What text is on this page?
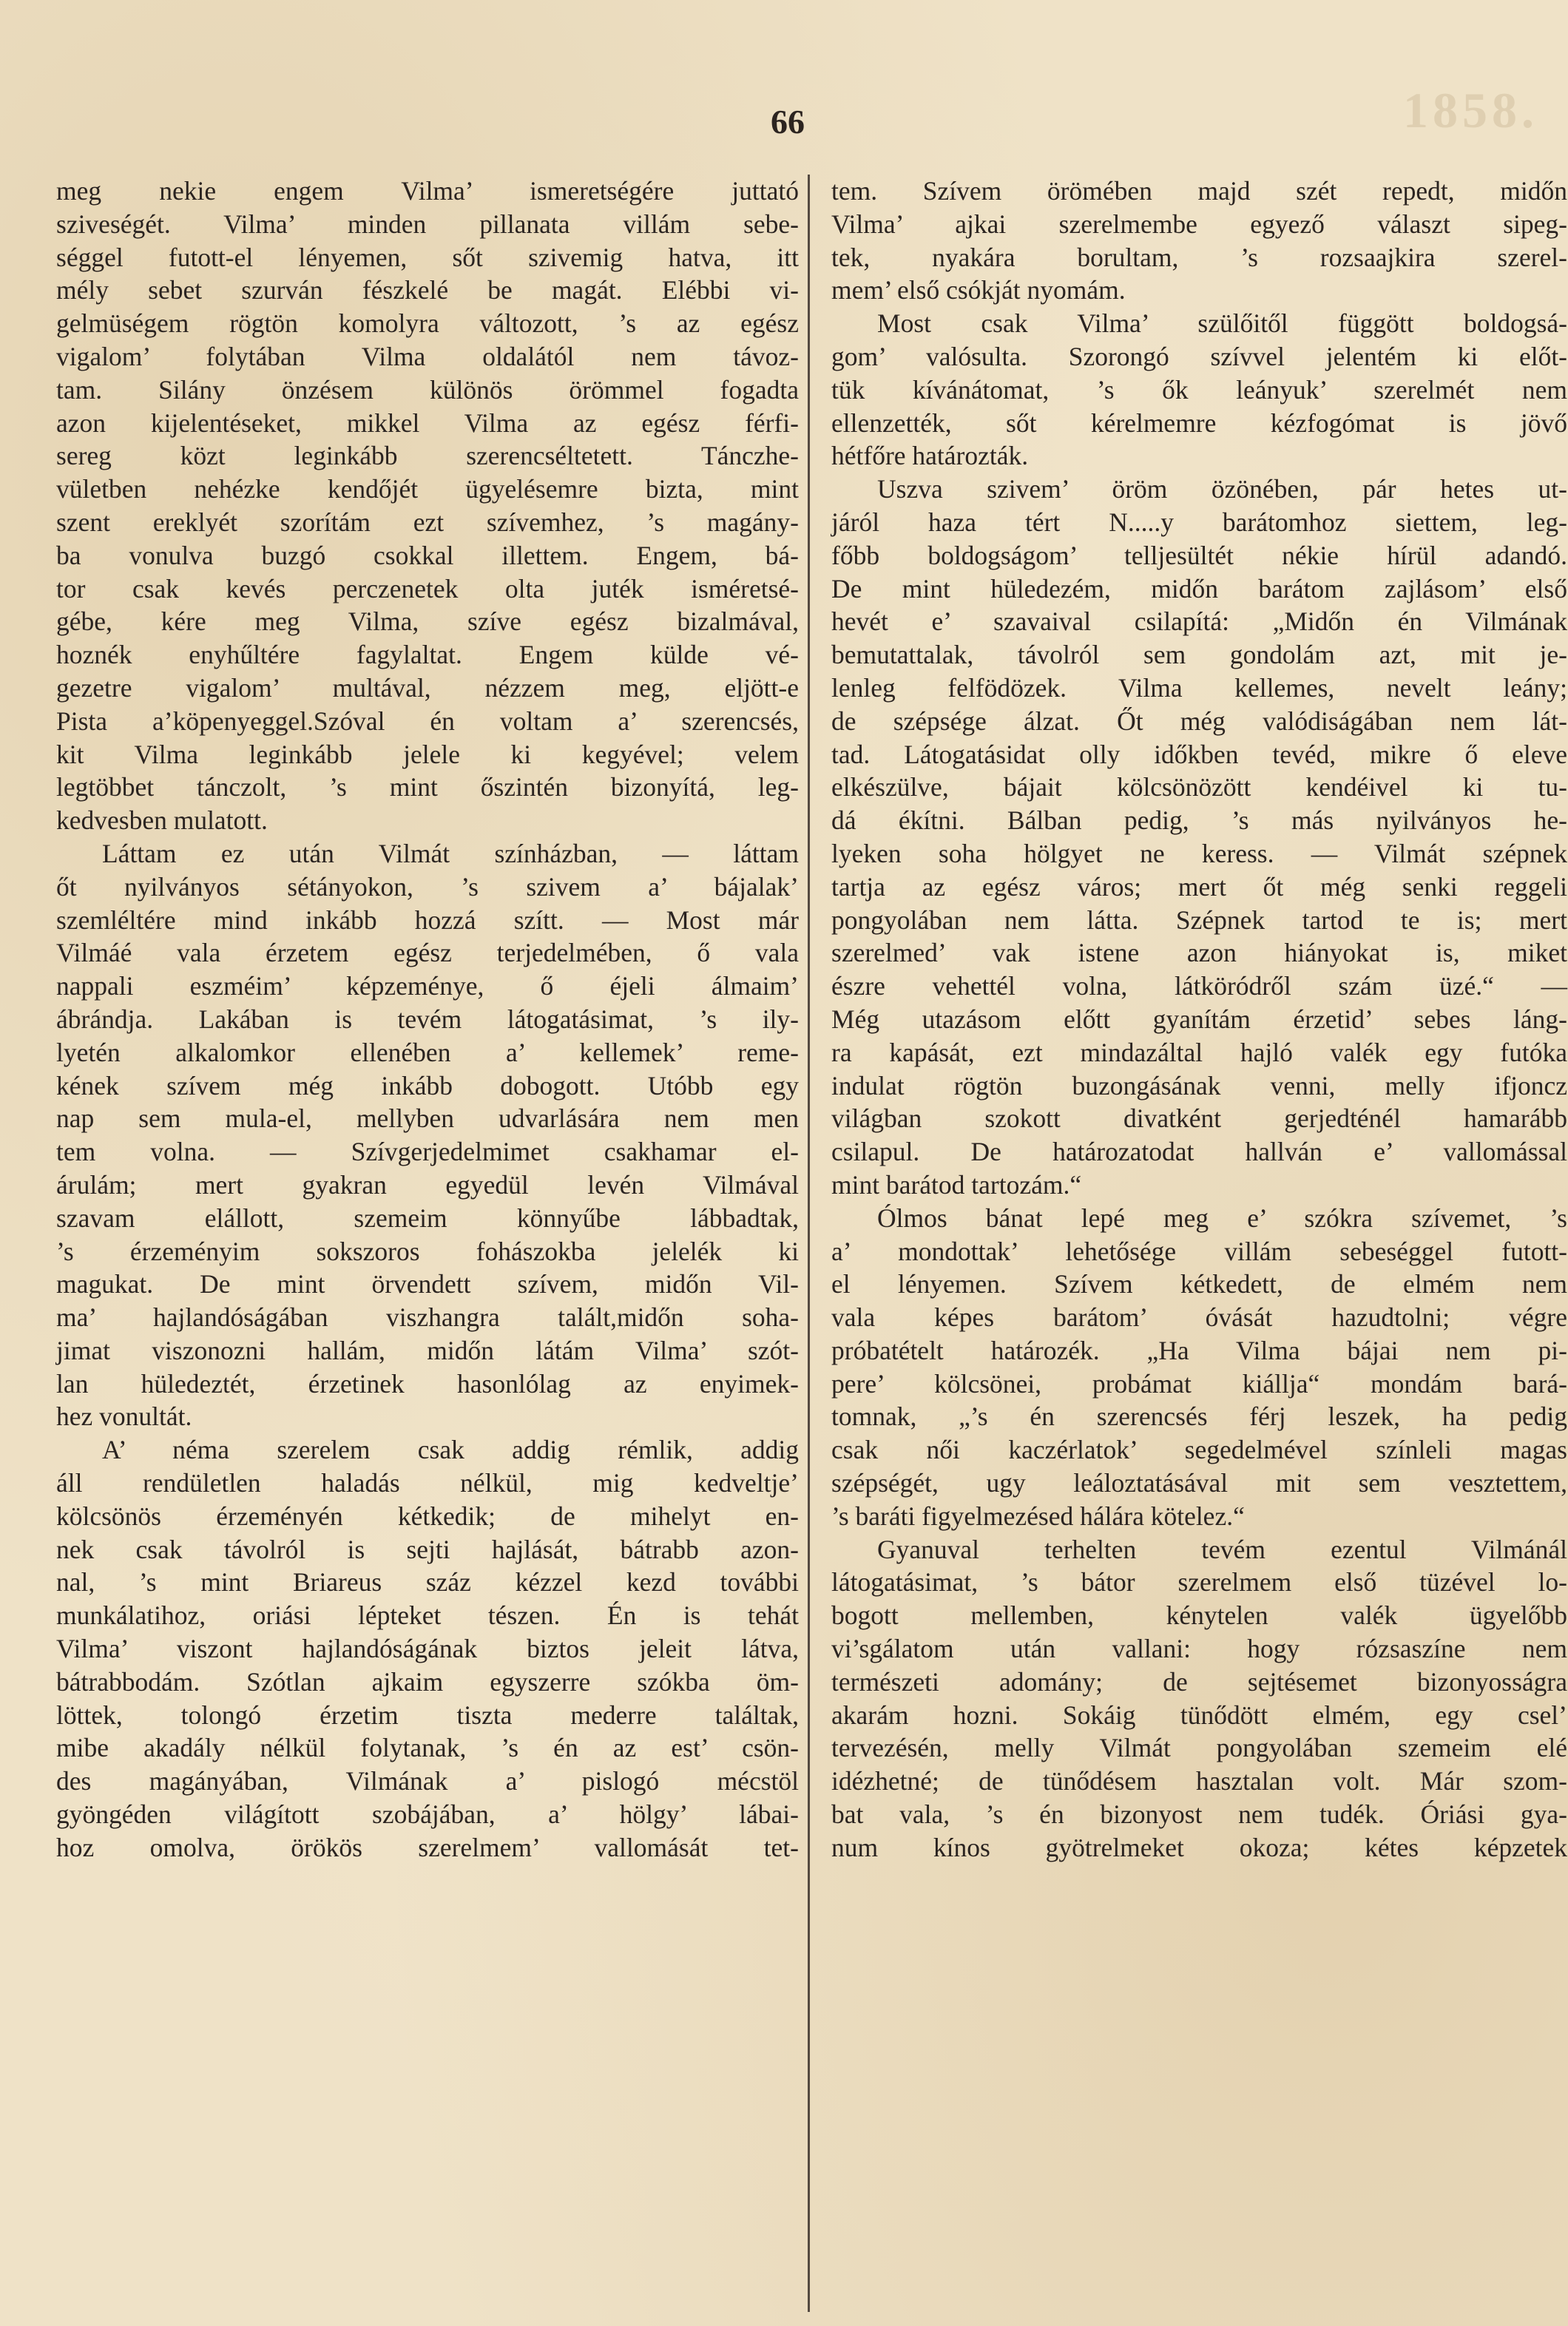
1858.
66
meg nekie engem Vilma’ ismeretségére juttató
sziveségét. Vilma’ minden pillanata villám sebe-
séggel futott-el lényemen, sőt szivemig hatva, itt
mély sebet szurván fészkelé be magát. Elébbi vi-
gelmüségem rögtön komolyra változott, ’s az egész
vigalom’ folytában Vilma oldalától nem távoz-
tam. Silány önzésem különös örömmel fogadta
azon kijelentéseket, mikkel Vilma az egész férfi-
sereg közt leginkább szerencséltetett. Tánczhe-
vületben nehézke kendőjét ügyelésemre bizta, mint
szent ereklyét szorítám ezt szívemhez, ’s magány-
ba vonulva buzgó csokkal illettem. Engem, bá-
tor csak kevés perczenetek olta juték isméretsé-
gébe, kére meg Vilma, szíve egész bizalmával,
hoznék enyhűltére fagylaltat. Engem külde vé-
gezetre vigalom’ multával, nézzem meg, eljött-e
Pista a’köpenyeggel.Szóval én voltam a’ szerencsés,
kit Vilma leginkább jelele ki kegyével; velem
legtöbbet tánczolt, ’s mint őszintén bizonyítá, leg-
kedvesben mulatott.
Láttam ez után Vilmát színházban, — láttam
őt nyilványos sétányokon, ’s szivem a’ bájalak’
szemléltére mind inkább hozzá szítt. — Most már
Vilmáé vala érzetem egész terjedelmében, ő vala
nappali eszméim’ képzeménye, ő éjeli álmaim’
ábrándja. Lakában is tevém látogatásimat, ’s ily-
lyetén alkalomkor ellenében a’ kellemek’ reme-
kének szívem még inkább dobogott. Utóbb egy
nap sem mula-el, mellyben udvarlására nem men
tem volna. — Szívgerjedelmimet csakhamar el-
árulám; mert gyakran egyedül levén Vilmával
szavam elállott, szemeim könnyűbe lábbadtak,
’s érzeményim sokszoros fohászokba jelelék ki
magukat. De mint örvendett szívem, midőn Vil-
ma’ hajlandóságában viszhangra talált,midőn soha-
jimat viszonozni hallám, midőn látám Vilma’ szót-
lan hüledeztét, érzetinek hasonlólag az enyimek-
hez vonultát.
A’ néma szerelem csak addig rémlik, addig
áll rendületlen haladás nélkül, mig kedveltje’
kölcsönös érzeményén kétkedik; de mihelyt en-
nek csak távolról is sejti hajlását, bátrabb azon-
nal, ’s mint Briareus száz kézzel kezd további
munkálatihoz, oriási lépteket tészen. Én is tehát
Vilma’ viszont hajlandóságának biztos jeleit látva,
bátrabbodám. Szótlan ajkaim egyszerre szókba öm-
löttek, tolongó érzetim tiszta mederre találtak,
mibe akadály nélkül folytanak, ’s én az est’ csön-
des magányában, Vilmának a’ pislogó mécstöl
gyöngéden világított szobájában, a’ hölgy’ lábai-
hoz omolva, örökös szerelmem’ vallomását tet-
tem. Szívem örömében majd szét repedt, midőn
Vilma’ ajkai szerelmembe egyező választ sipeg-
tek, nyakára borultam, ’s rozsaajkira szerel-
mem’ első csókját nyomám.
Most csak Vilma’ szülőitől függött boldogsá-
gom’ valósulta. Szorongó szívvel jelentém ki előt-
tük kívánátomat, ’s ők leányuk’ szerelmét nem
ellenzették, sőt kérelmemre kézfogómat is jövő
hétfőre határozták.
Uszva szivem’ öröm özönében, pár hetes ut-
járól haza tért N.....y barátomhoz siettem, leg-
főbb boldogságom’ telljesültét nékie hírül adandó.
De mint hüledezém, midőn barátom zajlásom’ első
hevét e’ szavaival csilapítá: „Midőn én Vilmának
bemutattalak, távolról sem gondolám azt, mit je-
lenleg felfödözek. Vilma kellemes, nevelt leány;
de szépsége álzat. Őt még valódiságában nem lát-
tad. Látogatásidat olly időkben tevéd, mikre ő eleve
elkészülve, bájait kölcsönözött kendéivel ki tu-
dá ékítni. Bálban pedig, ’s más nyilványos he-
lyeken soha hölgyet ne keress. — Vilmát szépnek
tartja az egész város; mert őt még senki reggeli
pongyolában nem látta. Szépnek tartod te is; mert
szerelmed’ vak istene azon hiányokat is, miket
észre vehettél volna, látköródről szám üzé.“ —
Még utazásom előtt gyanítám érzetid’ sebes láng-
ra kapását, ezt mindazáltal hajló valék egy futóka
indulat rögtön buzongásának venni, melly ifjoncz
világban szokott divatként gerjedténél hamarább
csilapul. De határozatodat hallván e’ vallomással
mint barátod tartozám.“
Ólmos bánat lepé meg e’ szókra szívemet, ’s
a’ mondottak’ lehetősége villám sebeséggel futott-
el lényemen. Szívem kétkedett, de elmém nem
vala képes barátom’ óvását hazudtolni; végre
próbatételt határozék. „Ha Vilma bájai nem pi-
pere’ kölcsönei, probámat kiállja“ mondám bará-
tomnak, „’s én szerencsés férj leszek, ha pedig
csak női kaczérlatok’ segedelmével színleli magas
szépségét, ugy leáloztatásával mit sem vesztettem,
’s baráti figyelmezésed hálára kötelez.“
Gyanuval terhelten tevém ezentul Vilmánál
látogatásimat, ’s bátor szerelmem első tüzével lo-
bogott mellemben, kénytelen valék ügyelőbb
vi’sgálatom után vallani: hogy rózsaszíne nem
természeti adomány; de sejtésemet bizonyosságra
akarám hozni. Sokáig tünődött elmém, egy csel’
tervezésén, melly Vilmát pongyolában szemeim elé
idézhetné; de tünődésem hasztalan volt. Már szom-
bat vala, ’s én bizonyost nem tudék. Óriási gya-
num kínos gyötrelmeket okoza; kétes képzetek
